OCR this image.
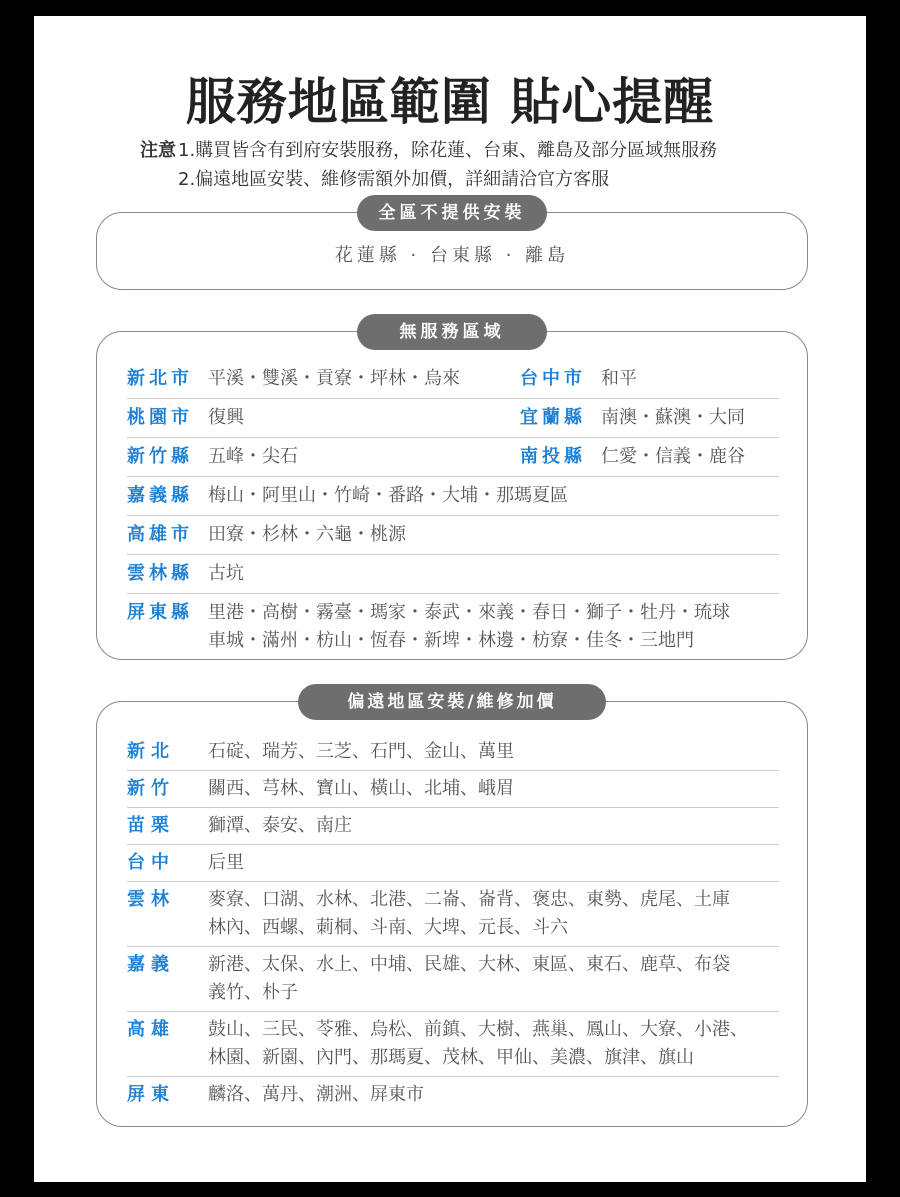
服務地區範圍 貼心提醒
注意 1.購買皆含有到府安裝服務，除花蓮、台東、離島及部分區域無服務
2.偏遠地區安裝、維修需額外加價，詳細請洽官方客服
全區不提供安裝
花蓮縣 · 台東縣 · 離島
無服務區域
新北市 平溪・雙溪・貢寮・坪林・烏來	台中市 和平
桃園市 復興	宜蘭縣 南澳・蘇澳・大同
新竹縣 五峰・尖石	南投縣 仁愛・信義・鹿谷
嘉義縣 梅山・阿里山・竹崎・番路・大埔・那瑪夏區
高雄市 田寮・杉林・六龜・桃源
雲林縣 古坑
屏東縣 里港・高樹・霧臺・瑪家・泰武・來義・春日・獅子・牡丹・琉球
車城・滿州・枋山・恆春・新埤・林邊・枋寮・佳冬・三地門
偏遠地區安裝/維修加價
新北	石碇、瑞芳、三芝、石門、金山、萬里
新竹	關西、芎林、寶山、橫山、北埔、峨眉
苗栗	獅潭、泰安、南庄
台中	后里
雲林	麥寮、口湖、水林、北港、二崙、崙背、褒忠、東勢、虎尾、土庫
林內、西螺、莿桐、斗南、大埤、元長、斗六
嘉義	新港、太保、水上、中埔、民雄、大林、東區、東石、鹿草、布袋
義竹、朴子
高雄	鼓山、三民、苓雅、烏松、前鎮、大樹、燕巢、鳳山、大寮、小港、
林園、新園、內門、那瑪夏、茂林、甲仙、美濃、旗津、旗山
屏東	麟洛、萬丹、潮洲、屏東市
